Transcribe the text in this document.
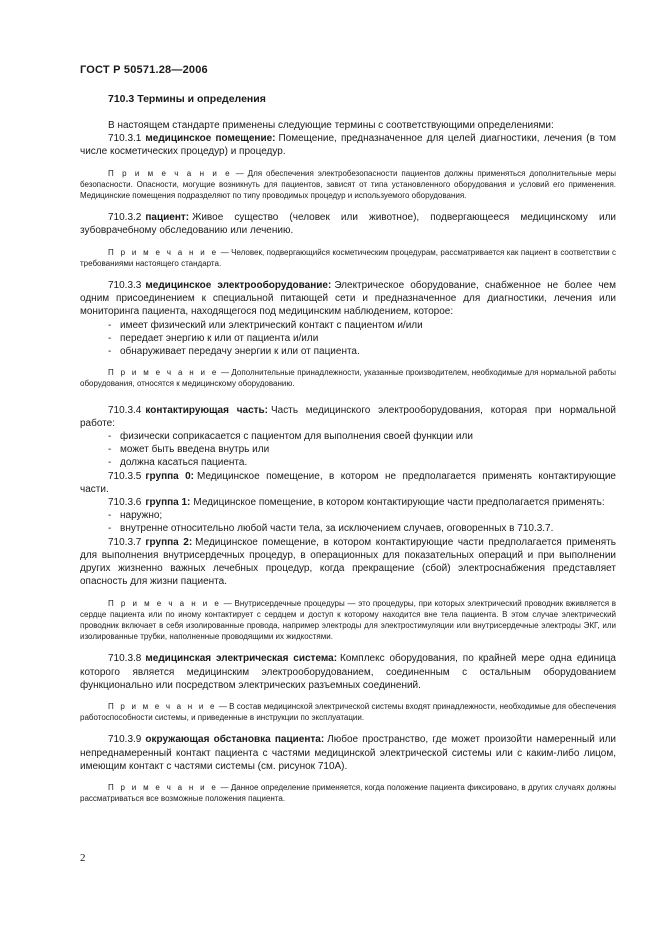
ГОСТ Р 50571.28—2006
710.3 Термины и определения

В настоящем стандарте применены следующие термины с соответствующими определениями:

710.3.1 медицинское помещение: Помещение, предназначенное для целей диагностики, лечения (в том числе косметических процедур) и процедур.

П р и м е ч а н и е — Для обеспечения электробезопасности пациентов должны применяться дополнительные меры безопасности. Опасности, могущие возникнуть для пациентов, зависят от типа установленного оборудования и условий его применения. Медицинские помещения подразделяют по типу проводимых процедур и используемого оборудования.

710.3.2 пациент: Живое существо (человек или животное), подвергающееся медицинскому или зубоврачебному обследованию или лечению.

П р и м е ч а н и е — Человек, подвергающийся косметическим процедурам, рассматривается как пациент в соответствии с требованиями настоящего стандарта.

710.3.3 медицинское электрооборудование: Электрическое оборудование, снабженное не более чем одним присоединением к специальной питающей сети и предназначенное для диагностики, лечения или мониторинга пациента, находящегося под медицинским наблюдением, которое:

- имеет физический или электрический контакт с пациентом и/или
- передает энергию к или от пациента и/или
- обнаруживает передачу энергии к или от пациента.

П р и м е ч а н и е — Дополнительные принадлежности, указанные производителем, необходимые для нормальной работы оборудования, относятся к медицинскому оборудованию.

710.3.4 контактирующая часть: Часть медицинского электрооборудования, которая при нормальной работе:

- физически соприкасается с пациентом для выполнения своей функции или
- может быть введена внутрь или
- должна касаться пациента.

710.3.5 группа 0: Медицинское помещение, в котором не предполагается применять контактирующие части.

710.3.6 группа 1: Медицинское помещение, в котором контактирующие части предполагается применять:

- наружно;
- внутренне относительно любой части тела, за исключением случаев, оговоренных в 710.3.7.

710.3.7 группа 2: Медицинское помещение, в котором контактирующие части предполагается применять для выполнения внутрисердечных процедур, в операционных для показательных операций и при выполнении других жизненно важных лечебных процедур, когда прекращение (сбой) электроснабжения представляет опасность для жизни пациента.

П р и м е ч а н и е — Внутрисердечные процедуры — это процедуры, при которых электрический проводник вживляется в сердце пациента или по иному контактирует с сердцем и доступ к которому находится вне тела пациента. В этом случае электрический проводник включает в себя изолированные провода, например электроды для электростимуляции или внутрисердечные электроды ЭКГ, или изолированные трубки, наполненные проводящими их жидкостями.

710.3.8 медицинская электрическая система: Комплекс оборудования, по крайней мере одна единица которого является медицинским электрооборудованием, соединенным с остальным оборудованием функционально или посредством электрических разъемных соединений.

П р и м е ч а н и е — В состав медицинской электрической системы входят принадлежности, необходимые для обеспечения работоспособности системы, и приведенные в инструкции по эксплуатации.

710.3.9 окружающая обстановка пациента: Любое пространство, где может произойти намеренный или непреднамеренный контакт пациента с частями медицинской электрической системы или с каким-либо лицом, имеющим контакт с частями системы (см. рисунок 710А).

П р и м е ч а н и е — Данное определение применяется, когда положение пациента фиксировано, в других случаях должны рассматриваться все возможные положения пациента.

2
